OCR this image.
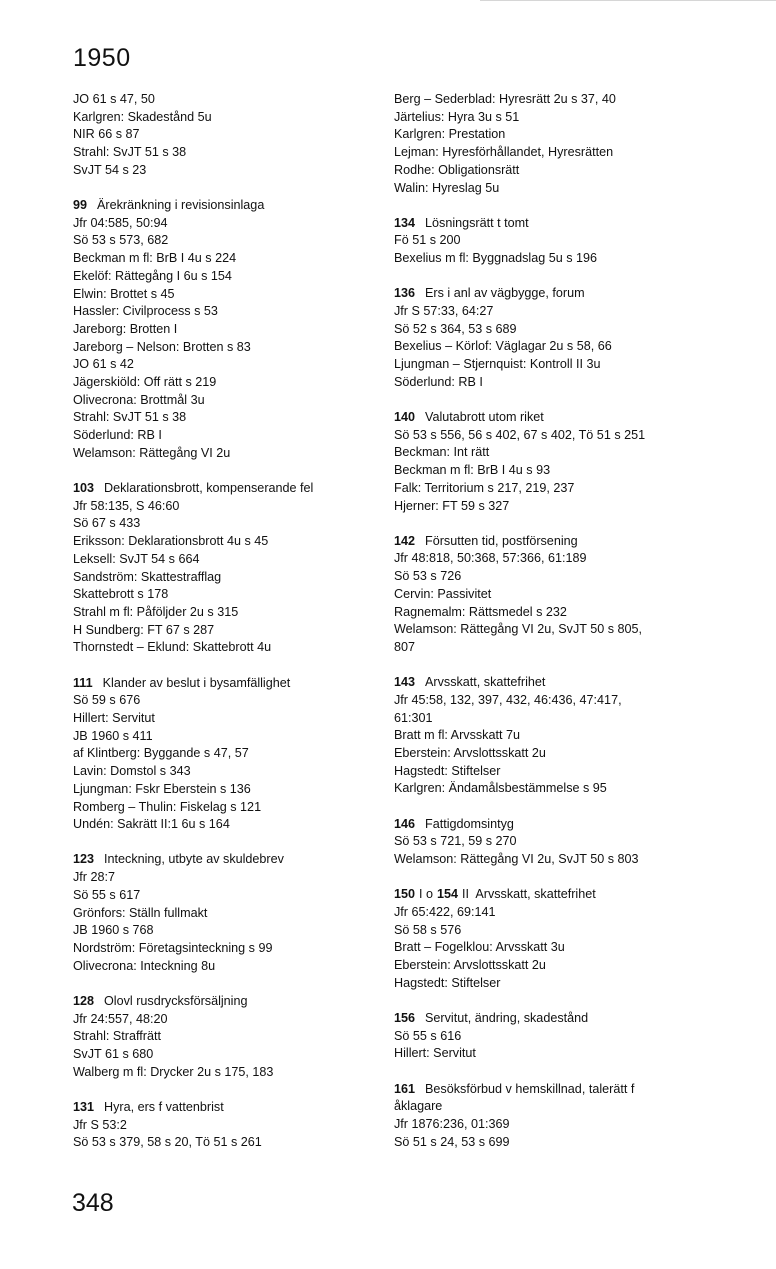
1950
JO 61 s 47, 50
Karlgren: Skadestånd 5u
NIR 66 s 87
Strahl: SvJT 51 s 38
SvJT 54 s 23
99 Ärekränkning i revisionsinlaga
Jfr 04:585, 50:94
Sö 53 s 573, 682
Beckman m fl: BrB I 4u s 224
Ekelöf: Rättegång I 6u s 154
Elwin: Brottet s 45
Hassler: Civilprocess s 53
Jareborg: Brotten I
Jareborg – Nelson: Brotten s 83
JO 61 s 42
Jägerskiöld: Off rätt s 219
Olivecrona: Brottmål 3u
Strahl: SvJT 51 s 38
Söderlund: RB I
Welamson: Rättegång VI 2u
103 Deklarationsbrott, kompenserande fel
Jfr 58:135, S 46:60
Sö 67 s 433
Eriksson: Deklarationsbrott 4u s 45
Leksell: SvJT 54 s 664
Sandström: Skattestrafflag
Skattebrott s 178
Strahl m fl: Påföljder 2u s 315
H Sundberg: FT 67 s 287
Thornstedt – Eklund: Skattebrott 4u
111 Klander av beslut i bysamfällighet
Sö 59 s 676
Hillert: Servitut
JB 1960 s 411
af Klintberg: Byggande s 47, 57
Lavin: Domstol s 343
Ljungman: Fskr Eberstein s 136
Romberg – Thulin: Fiskelag s 121
Undén: Sakrätt II:1 6u s 164
123 Inteckning, utbyte av skuldebrev
Jfr 28:7
Sö 55 s 617
Grönfors: Ställn fullmakt
JB 1960 s 768
Nordström: Företagsinteckning s 99
Olivecrona: Inteckning 8u
128 Olovl rusdrycksförsäljning
Jfr 24:557, 48:20
Strahl: Straffrätt
SvJT 61 s 680
Walberg m fl: Drycker 2u s 175, 183
131 Hyra, ers f vattenbrist
Jfr S 53:2
Sö 53 s 379, 58 s 20, Tö 51 s 261
Berg – Sederblad: Hyresrätt 2u s 37, 40
Järtelius: Hyra 3u s 51
Karlgren: Prestation
Lejman: Hyresförhållandet, Hyresrätten
Rodhe: Obligationsrätt
Walin: Hyreslag 5u
134 Lösningsrätt t tomt
Fö 51 s 200
Bexelius m fl: Byggnadslag 5u s 196
136 Ers i anl av vägbygge, forum
Jfr S 57:33, 64:27
Sö 52 s 364, 53 s 689
Bexelius – Körlof: Väglagar 2u s 58, 66
Ljungman – Stjernquist: Kontroll II 3u
Söderlund: RB I
140 Valutabrott utom riket
Sö 53 s 556, 56 s 402, 67 s 402, Tö 51 s 251
Beckman: Int rätt
Beckman m fl: BrB I 4u s 93
Falk: Territorium s 217, 219, 237
Hjerner: FT 59 s 327
142 Försutten tid, postförsening
Jfr 48:818, 50:368, 57:366, 61:189
Sö 53 s 726
Cervin: Passivitet
Ragnemalm: Rättsmedel s 232
Welamson: Rättegång VI 2u, SvJT 50 s 805,
807
143 Arvsskatt, skattefrihet
Jfr 45:58, 132, 397, 432, 46:436, 47:417,
61:301
Bratt m fl: Arvsskatt 7u
Eberstein: Arvslottsskatt 2u
Hagstedt: Stiftelser
Karlgren: Ändamålsbestämmelse s 95
146 Fattigdomsintyg
Sö 53 s 721, 59 s 270
Welamson: Rättegång VI 2u, SvJT 50 s 803
150 I o 154 II  Arvsskatt, skattefrihet
Jfr 65:422, 69:141
Sö 58 s 576
Bratt – Fogelklou: Arvsskatt 3u
Eberstein: Arvslottsskatt 2u
Hagstedt: Stiftelser
156 Servitut, ändring, skadestånd
Sö 55 s 616
Hillert: Servitut
161 Besöksförbud v hemskillnad, talerätt f
åklagare
Jfr 1876:236, 01:369
Sö 51 s 24, 53 s 699
348
